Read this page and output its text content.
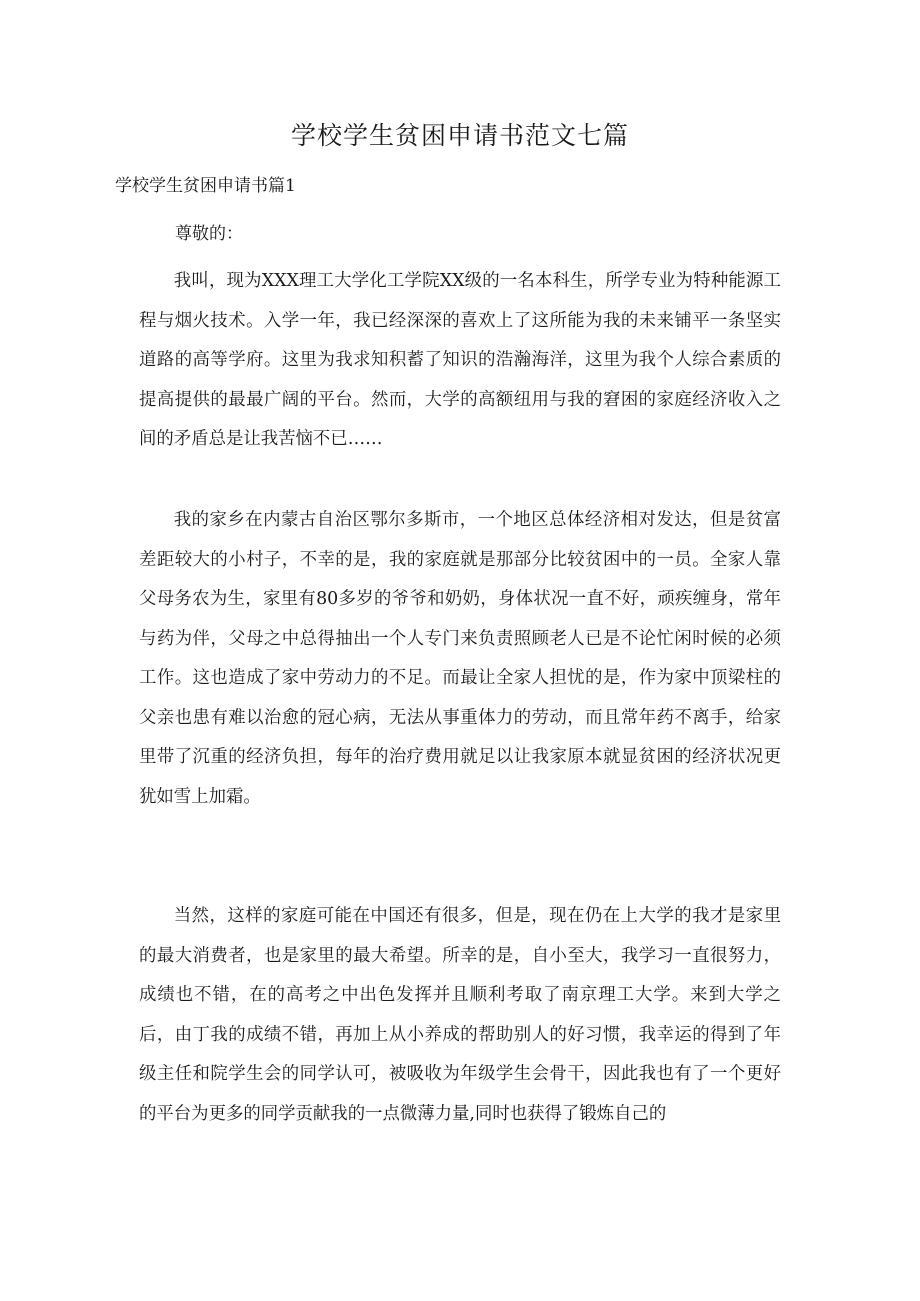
学校学生贫困申请书范文七篇

学校学生贫困申请书篇1

尊敬的：

我叫，现为XXX理工大学化工学院XX级的一名本科生，所学专业为特种能源工程与烟火技术。入学一年，我已经深深的喜欢上了这所能为我的未来铺平一条坚实道路的高等学府。这里为我求知积蓄了知识的浩瀚海洋，这里为我个人综合素质的提高提供的最最广阔的平台。然而，大学的高额纽用与我的窘困的家庭经济收入之间的矛盾总是让我苦恼不已……

我的家乡在内蒙古自治区鄂尔多斯市，一个地区总体经济相对发达，但是贫富差距较大的小村子，不幸的是，我的家庭就是那部分比较贫困中的一员。全家人靠父母务农为生，家里有80多岁的爷爷和奶奶，身体状况一直不好，顽疾缠身，常年与药为伴，父母之中总得抽出一个人专门来负责照顾老人已是不论忙闲时候的必须工作。这也造成了家中劳动力的不足。而最让全家人担忧的是，作为家中顶梁柱的父亲也患有难以治愈的冠心病，无法从事重体力的劳动，而且常年药不离手，给家里带了沉重的经济负担，每年的治疗费用就足以让我家原本就显贫困的经济状况更犹如雪上加霜。

当然，这样的家庭可能在中国还有很多，但是，现在仍在上大学的我才是家里的最大消费者，也是家里的最大希望。所幸的是，自小至大，我学习一直很努力，成绩也不错，在的高考之中出色发挥并且顺利考取了南京理工大学。来到大学之后，由丁我的成绩不错，再加上从小养成的帮助别人的好习惯，我幸运的得到了年级主任和院学生会的同学认可，被吸收为年级学生会骨干，因此我也有了一个更好的平台为更多的同学贡献我的一点微薄力量,同时也获得了锻炼自己的
